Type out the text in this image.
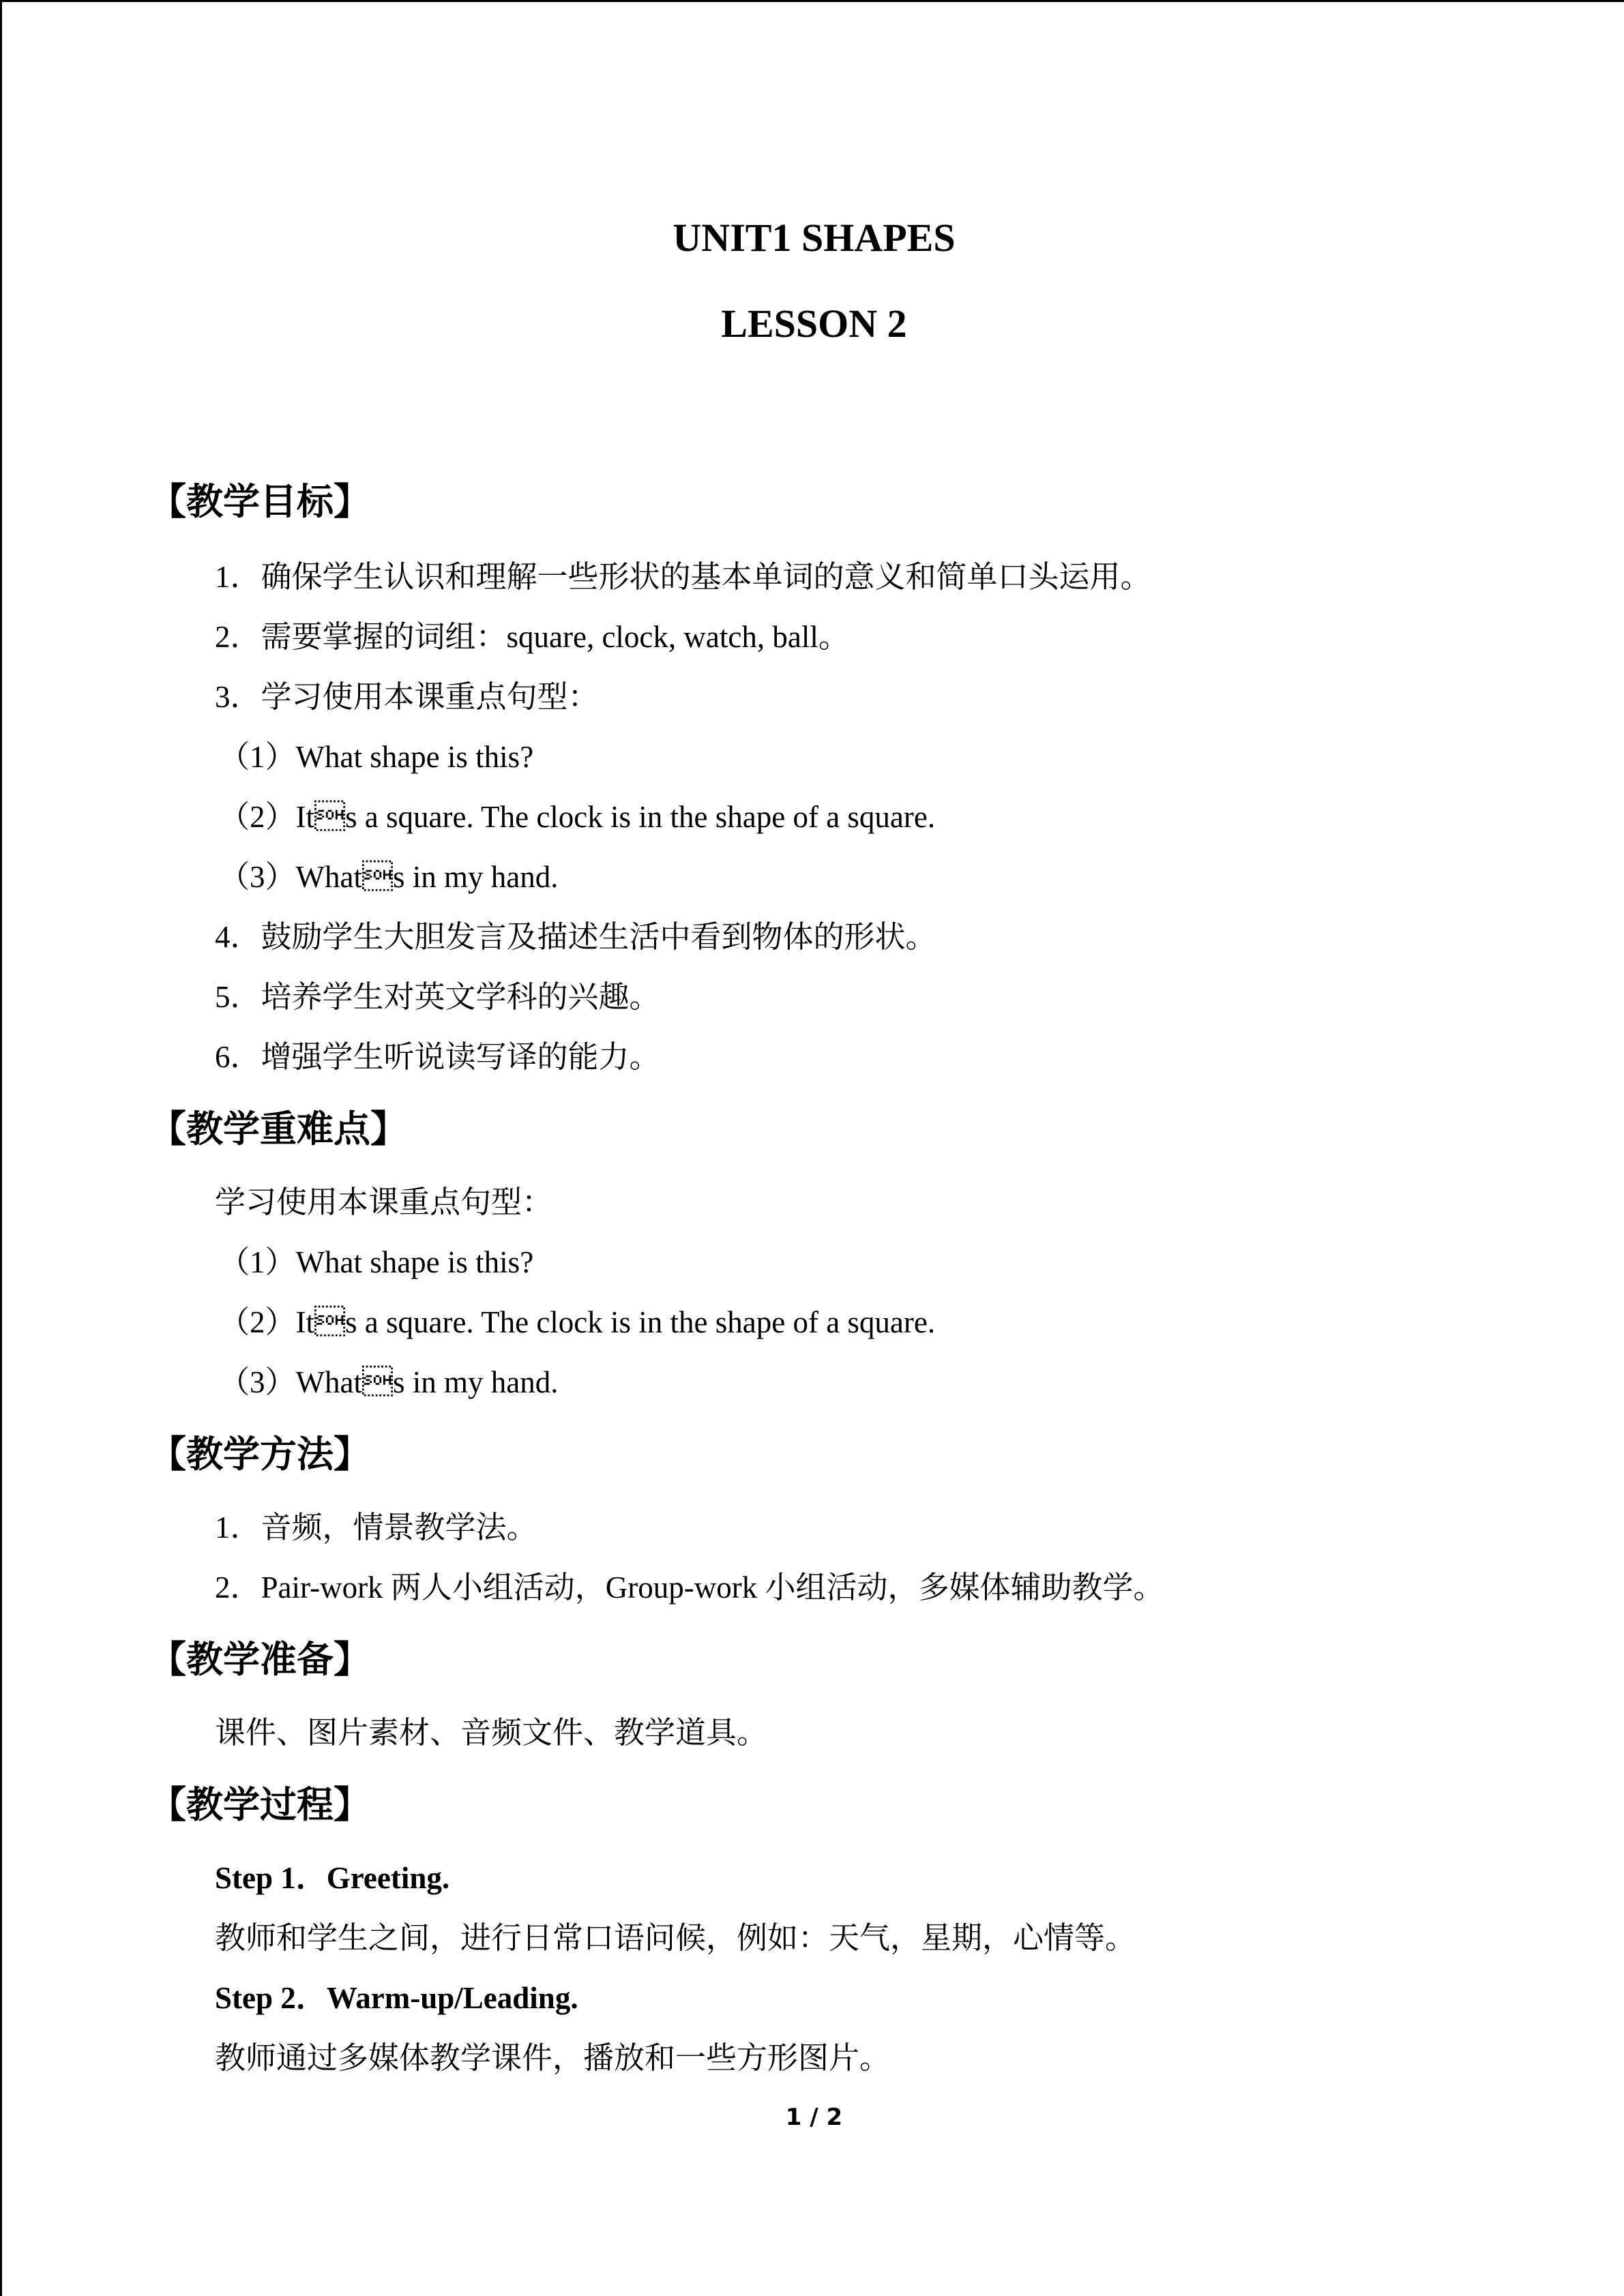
UNIT1 SHAPES
LESSON 2
【教学目标】
1．确保学生认识和理解一些形状的基本单词的意义和简单口头运用。
2．需要掌握的词组：square, clock, watch, ball。
3．学习使用本课重点句型：
（1）What shape is this?
（2）Its a square. The clock is in the shape of a square.
（3）Whats in my hand.
4．鼓励学生大胆发言及描述生活中看到物体的形状。
5．培养学生对英文学科的兴趣。
6．增强学生听说读写译的能力。
【教学重难点】
学习使用本课重点句型：
（1）What shape is this?
（2）Its a square. The clock is in the shape of a square.
（3）Whats in my hand.
【教学方法】
1．音频，情景教学法。
2．Pair-work 两人小组活动，Group-work 小组活动，多媒体辅助教学。
【教学准备】
课件、图片素材、音频文件、教学道具。
【教学过程】
Step 1．Greeting.
教师和学生之间，进行日常口语问候，例如：天气，星期，心情等。
Step 2．Warm-up/Leading.
教师通过多媒体教学课件，播放和一些方形图片。
1 / 2
